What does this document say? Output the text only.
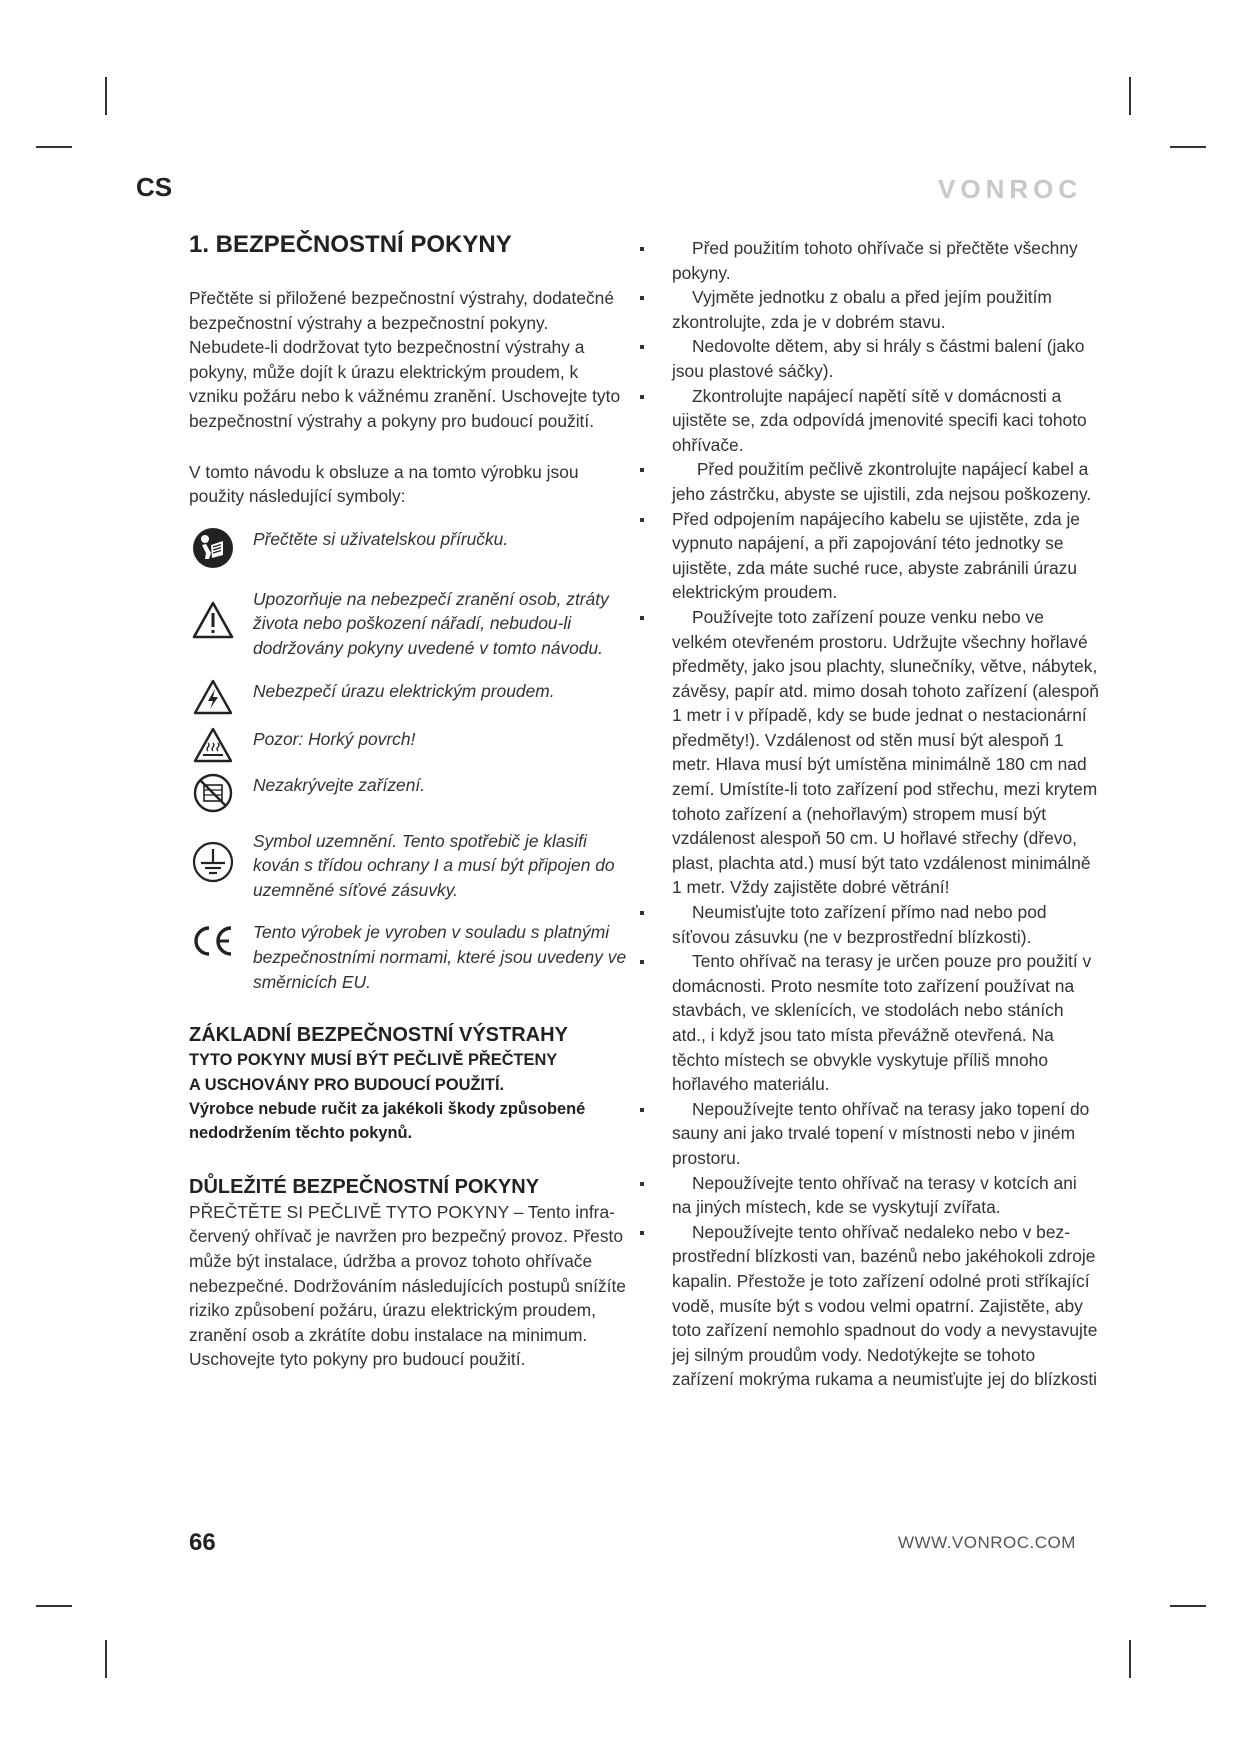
CS	VONROC
1. BEZPEČNOSTNÍ POKYNY

Přečtěte si přiložené bezpečnostní výstrahy, dodatečné bezpečnostní výstrahy a bezpečnostní pokyny. Nebudete-li dodržovat tyto bezpečnostní výstrahy a pokyny, může dojít k úrazu elektrickým proudem, k vzniku požáru nebo k vážnému zranění. Uschovejte tyto bezpečnostní výstrahy a pokyny pro budoucí použití.

V tomto návodu k obsluze a na tomto výrobku jsou použity následující symboly:

Přečtěte si uživatelskou příručku.
Upozorňuje na nebezpečí zranění osob, ztráty života nebo poškození nářadí, nebudou-li dodržovány pokyny uvedené v tomto návodu.
Nebezpečí úrazu elektrickým proudem.
Pozor: Horký povrch!
Nezakrývejte zařízení.
Symbol uzemnění. Tento spotřebič je klasifi kován s třídou ochrany I a musí být připojen do uzemněné síťové zásuvky.
Tento výrobek je vyroben v souladu s platnými bezpečnostními normami, které jsou uvedeny ve směrnicích EU.
ZÁKLADNÍ BEZPEČNOSTNÍ VÝSTRAHY
TYTO POKYNY MUSÍ BÝT PEČLIVĚ PŘEČTENY
A USCHOVÁNY PRO BUDOUCÍ POUŽITÍ.
Výrobce nebude ručit za jakékoli škody způsobené nedodržením těchto pokynů.
DŮLEŽITÉ BEZPEČNOSTNÍ POKYNY

PŘEČTĚTE SI PEČLIVĚ TYTO POKYNY – Tento infračervený ohřívač je navržen pro bezpečný provoz. Přesto může být instalace, údržba a provoz tohoto ohřívače nebezpečné. Dodržováním následujících postupů snížíte riziko způsobení požáru, úrazu elektrickým proudem, zranění osob a zkrátíte dobu instalace na minimum. Uschovejte tyto pokyny pro budoucí použití.

Před použitím tohoto ohřívače si přečtěte všechny pokyny.
Vyjměte jednotku z obalu a před jejím použitím zkontrolujte, zda je v dobrém stavu.
Nedovolte dětem, aby si hrály s částmi balení (jako jsou plastové sáčky).
Zkontrolujte napájecí napětí sítě v domácnosti a ujistěte se, zda odpovídá jmenovité specifi kaci tohoto ohřívače.
Před použitím pečlivě zkontrolujte napájecí kabel a jeho zástrčku, abyste se ujistili, zda nejsou poškozeny.
Před odpojením napájecího kabelu se ujistěte, zda je vypnuto napájení, a při zapojování této jednotky se ujistěte, zda máte suché ruce, abyste zabránili úrazu elektrickým proudem.
Používejte toto zařízení pouze venku nebo ve velkém otevřeném prostoru. Udržujte všechny hořlavé předměty, jako jsou plachty, slunečníky, větve, nábytek, závěsy, papír atd. mimo dosah tohoto zařízení (alespoň 1 metr i v případě, kdy se bude jednat o nestacionární předměty!). Vzdálenost od stěn musí být alespoň 1 metr. Hlava musí být umístěna minimálně 180 cm nad zemí. Umístíte-li toto zařízení pod střechu, mezi krytem tohoto zařízení a (nehořlavým) stropem musí být vzdálenost alespoň 50 cm. U hořlavé střechy (dřevo, plast, plachta atd.) musí být tato vzdálenost minimálně 1 metr. Vždy zajistěte dobré větrání!
Neumisťujte toto zařízení přímo nad nebo pod síťovou zásuvku (ne v bezprostřední blízkosti).
Tento ohřívač na terasy je určen pouze pro použití v domácnosti. Proto nesmíte toto zařízení používat na stavbách, ve sklenících, ve stodolách nebo stáních atd., i když jsou tato místa převážně otevřená. Na těchto místech se obvykle vyskytuje příliš mnoho hořlavého materiálu.
Nepoužívejte tento ohřívač na terasy jako topení do sauny ani jako trvalé topení v místnosti nebo v jiném prostoru.
Nepoužívejte tento ohřívač na terasy v kotcích ani na jiných místech, kde se vyskytují zvířata.
Nepoužívejte tento ohřívač nedaleko nebo v bezprostřední blízkosti van, bazénů nebo jakéhokoli zdroje kapalin. Přestože je toto zařízení odolné proti stříkající vodě, musíte být s vodou velmi opatrní. Zajistěte, aby toto zařízení nemohlo spadnout do vody a nevystavujte jej silným proudům vody. Nedotýkejte se tohoto zařízení mokrýma rukama a neumisťujte jej do blízkosti
66	WWW.VONROC.COM
